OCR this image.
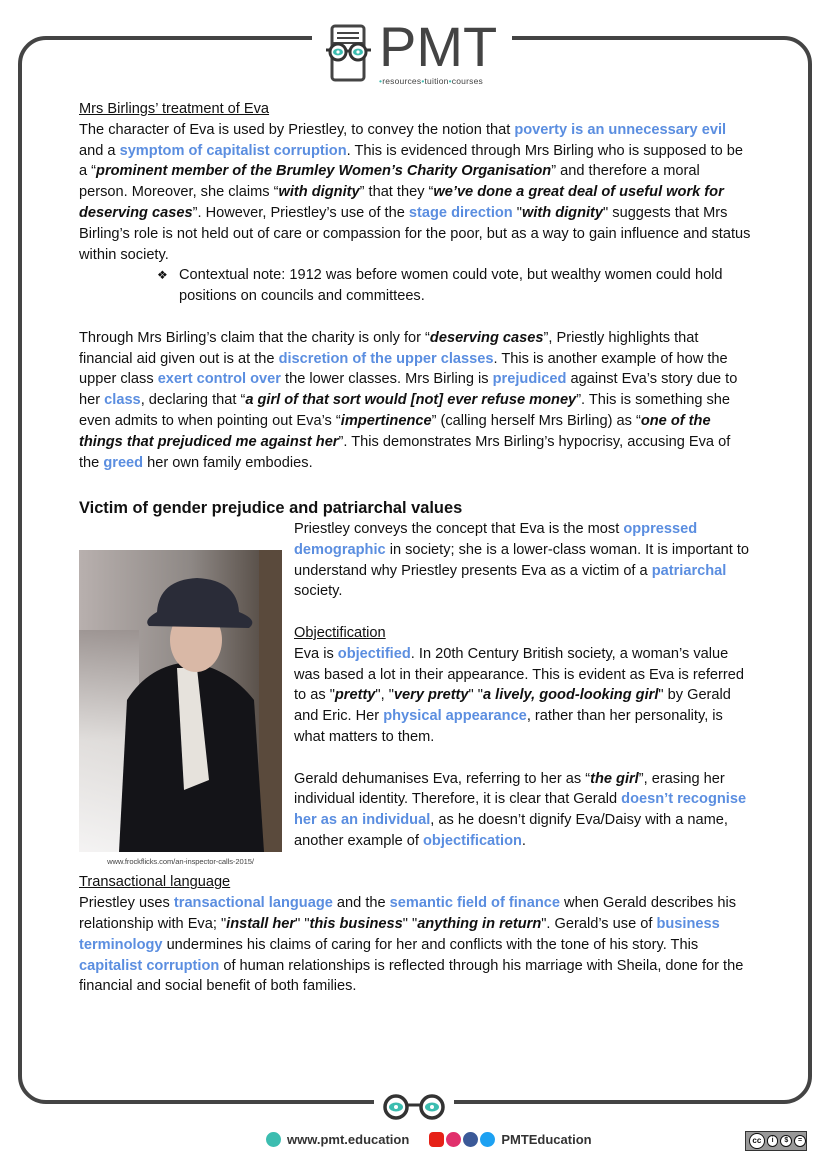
PMT
•resources•tuition•courses

Mrs Birlings’ treatment of Eva

The character of Eva is used by Priestley, to convey the notion that poverty is an unnecessary evil and a symptom of capitalist corruption. This is evidenced through Mrs Birling who is supposed to be a “prominent member of the Brumley Women’s Charity Organisation” and therefore a moral person. Moreover, she claims “with dignity” that they “we’ve done a great deal of useful work for deserving cases”. However, Priestley’s use of the stage direction "with dignity" suggests that Mrs Birling’s role is not held out of care or compassion for the poor, but as a way to gain influence and status within society.

❖ Contextual note: 1912 was before women could vote, but wealthy women could hold positions on councils and committees.

Through Mrs Birling’s claim that the charity is only for “deserving cases”, Priestly highlights that financial aid given out is at the discretion of the upper classes. This is another example of how the upper class exert control over the lower classes. Mrs Birling is prejudiced against Eva’s story due to her class, declaring that “a girl of that sort would [not] ever refuse money”. This is something she even admits to when pointing out Eva’s “impertinence” (calling herself Mrs Birling) as “one of the things that prejudiced me against her”. This demonstrates Mrs Birling’s hypocrisy, accusing Eva of the greed her own family embodies.

Victim of gender prejudice and patriarchal values

www.frockflicks.com/an-inspector-calls-2015/

Priestley conveys the concept that Eva is the most oppressed demographic in society; she is a lower-class woman. It is important to understand why Priestley presents Eva as a victim of a patriarchal society.

Objectification

Eva is objectified. In 20th Century British society, a woman’s value was based a lot in their appearance. This is evident as Eva is referred to as "pretty", "very pretty" "a lively, good-looking girl" by Gerald and Eric. Her physical appearance, rather than her personality, is what matters to them.

Gerald dehumanises Eva, referring to her as “the girl”, erasing her individual identity. Therefore, it is clear that Gerald doesn’t recognise her as an individual, as he doesn’t dignify Eva/Daisy with a name, another example of objectification.

Transactional language

Priestley uses transactional language and the semantic field of finance when Gerald describes his relationship with Eva; "install her" "this business" "anything in return". Gerald’s use of business terminology undermines his claims of caring for her and conflicts with the tone of his story. This capitalist corruption of human relationships is reflected through his marriage with Sheila, done for the financial and social benefit of both families.

www.pmt.education	PMTEducation	cc	i	$	=
